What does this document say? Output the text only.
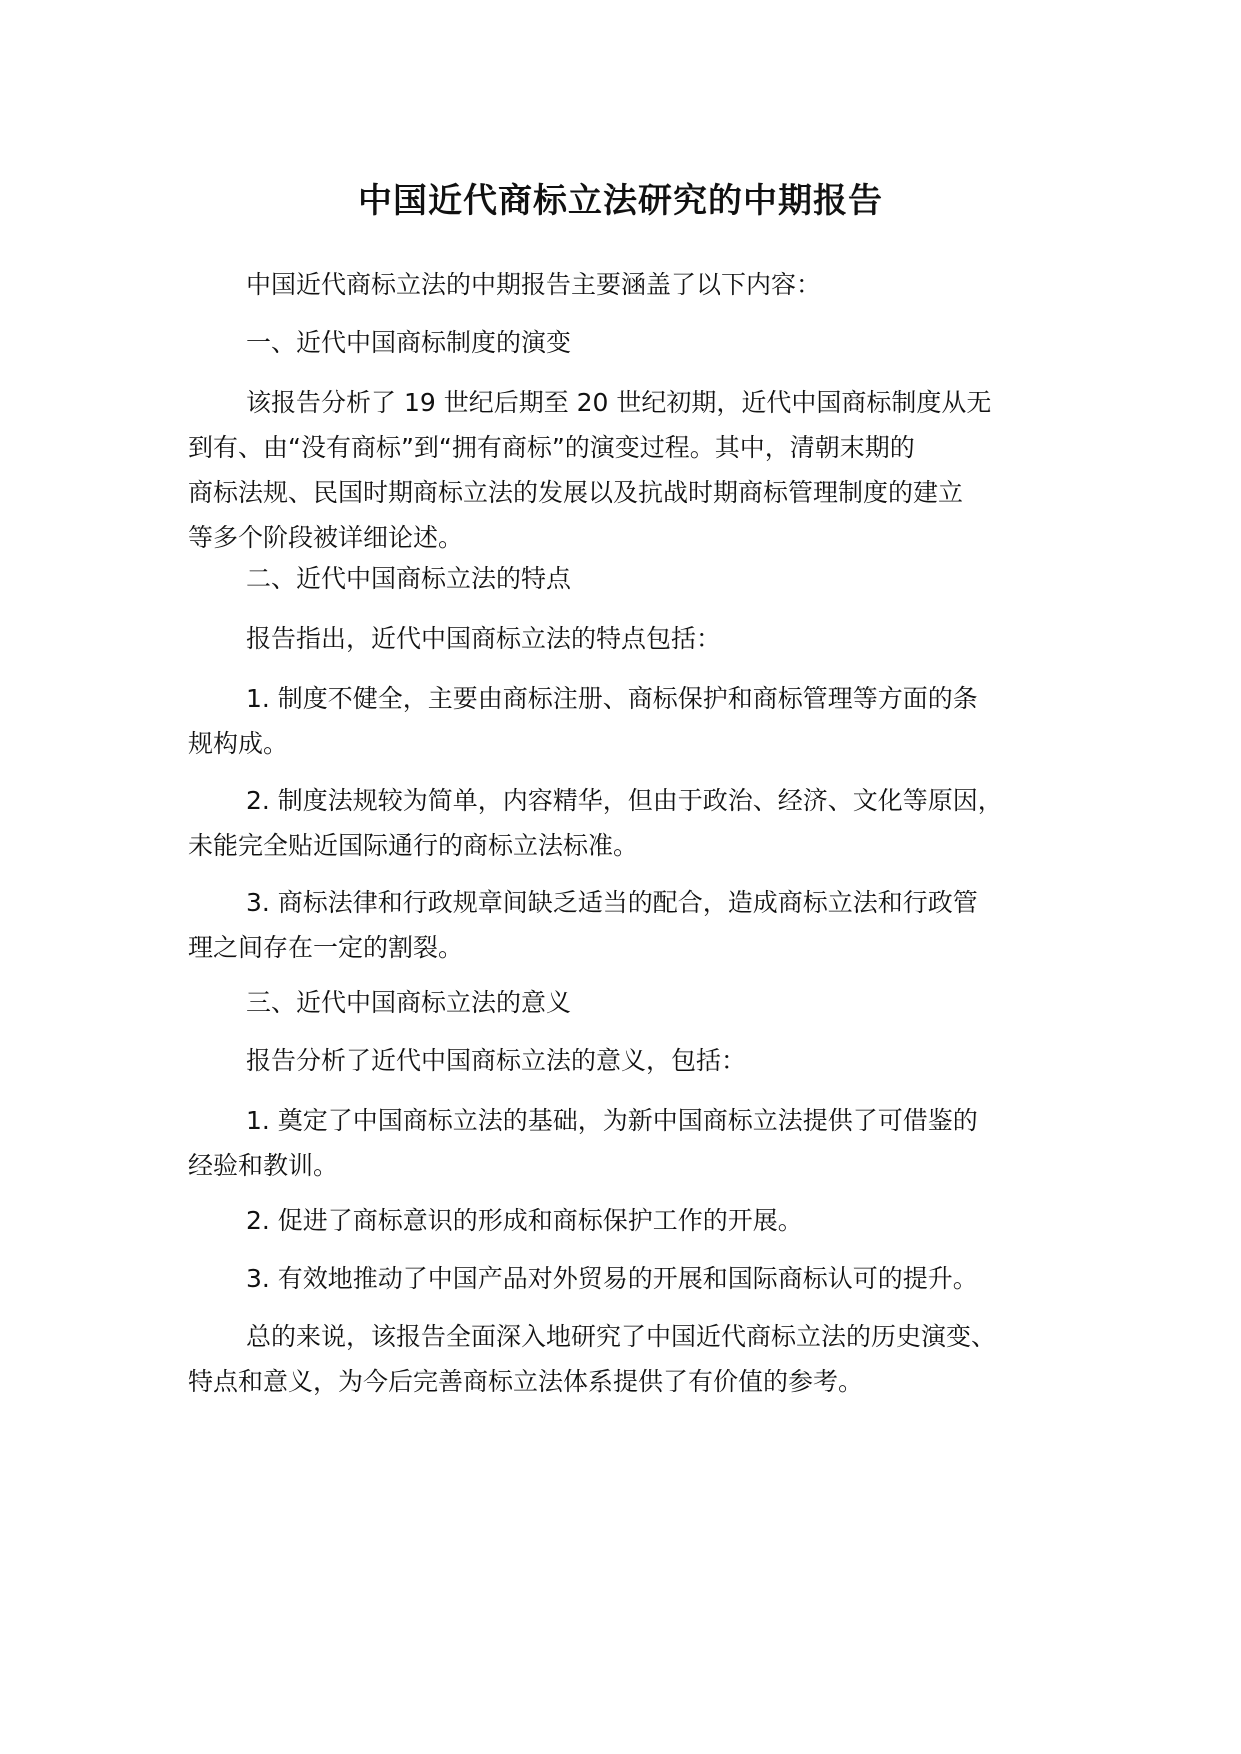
中国近代商标立法研究的中期报告
中国近代商标立法的中期报告主要涵盖了以下内容：
一、近代中国商标制度的演变
该报告分析了 19 世纪后期至 20 世纪初期，近代中国商标制度从无
到有、由“没有商标”到“拥有商标”的演变过程。其中，清朝末期的
商标法规、民国时期商标立法的发展以及抗战时期商标管理制度的建立
等多个阶段被详细论述。
二、近代中国商标立法的特点
报告指出，近代中国商标立法的特点包括：
1. 制度不健全，主要由商标注册、商标保护和商标管理等方面的条
规构成。
2. 制度法规较为简单，内容精华，但由于政治、经济、文化等原因，
未能完全贴近国际通行的商标立法标准。
3. 商标法律和行政规章间缺乏适当的配合，造成商标立法和行政管
理之间存在一定的割裂。
三、近代中国商标立法的意义
报告分析了近代中国商标立法的意义，包括：
1. 奠定了中国商标立法的基础，为新中国商标立法提供了可借鉴的
经验和教训。
2. 促进了商标意识的形成和商标保护工作的开展。
3. 有效地推动了中国产品对外贸易的开展和国际商标认可的提升。
总的来说，该报告全面深入地研究了中国近代商标立法的历史演变、
特点和意义，为今后完善商标立法体系提供了有价值的参考。
